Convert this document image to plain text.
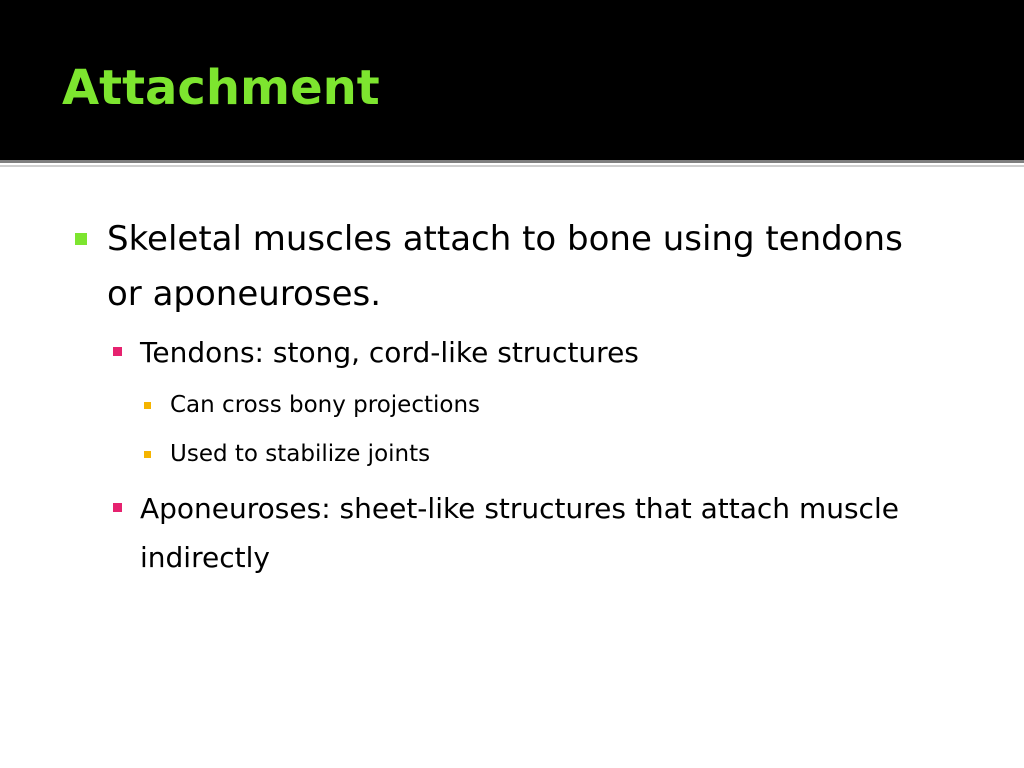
Attachment
Skeletal muscles attach to bone using tendons or aponeuroses.
Tendons: stong, cord-like structures
Can cross bony projections
Used to stabilize joints
Aponeuroses: sheet-like structures that attach muscle indirectly
